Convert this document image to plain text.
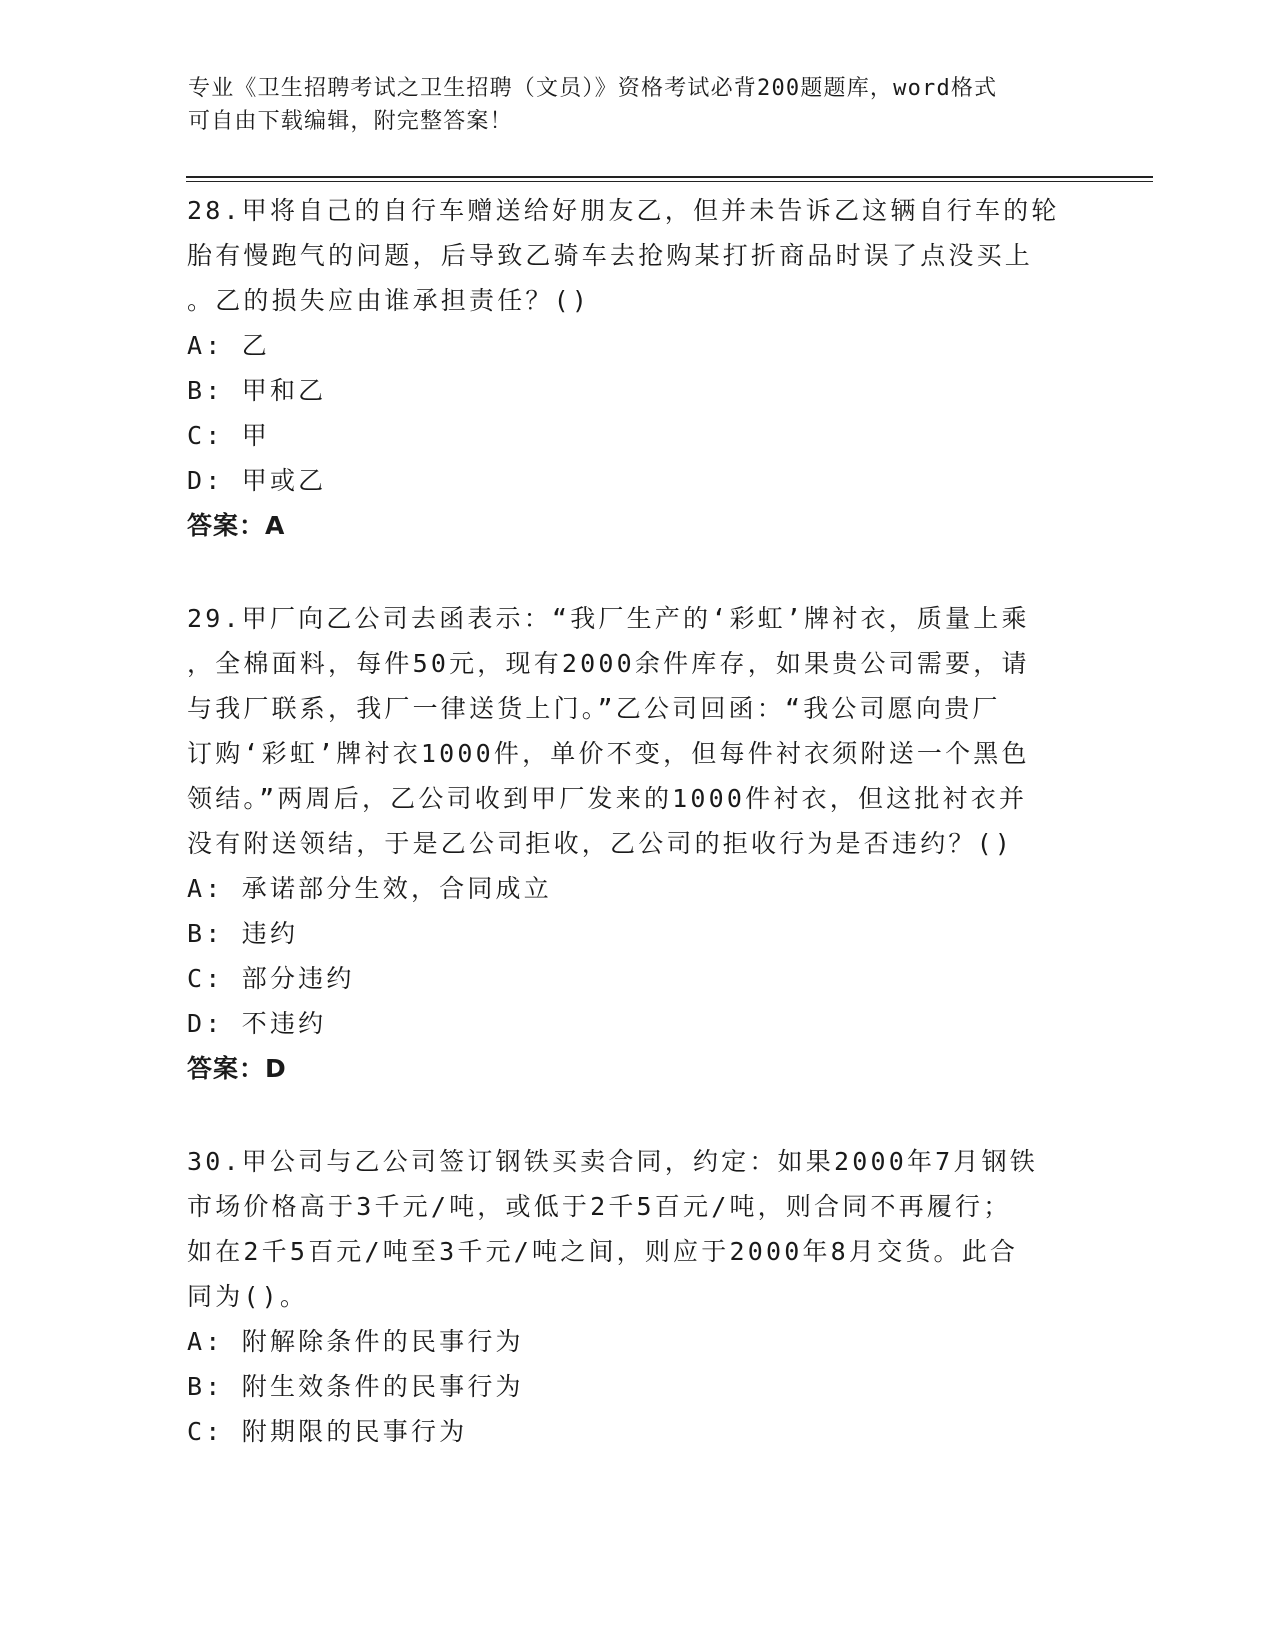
专业《卫生招聘考试之卫生招聘（文员）》资格考试必背200题题库，word格式
可自由下载编辑，附完整答案！

28.甲将自己的自行车赠送给好朋友乙，但并未告诉乙这辆自行车的轮

胎有慢跑气的问题，后导致乙骑车去抢购某打折商品时误了点没买上

。乙的损失应由谁承担责任？()

A: 乙

B: 甲和乙

C: 甲

D: 甲或乙

答案：A

29.甲厂向乙公司去函表示：“我厂生产的‘彩虹’牌衬衣，质量上乘

，全棉面料，每件50元，现有2000余件库存，如果贵公司需要，请

与我厂联系，我厂一律送货上门。”乙公司回函：“我公司愿向贵厂

订购‘彩虹’牌衬衣1000件，单价不变，但每件衬衣须附送一个黑色

领结。”两周后，乙公司收到甲厂发来的1000件衬衣，但这批衬衣并

没有附送领结，于是乙公司拒收，乙公司的拒收行为是否违约？()

A: 承诺部分生效，合同成立

B: 违约

C: 部分违约

D: 不违约

答案：D

30.甲公司与乙公司签订钢铁买卖合同，约定：如果2000年7月钢铁

市场价格高于3千元/吨，或低于2千5百元/吨，则合同不再履行；

如在2千5百元/吨至3千元/吨之间，则应于2000年8月交货。此合

同为()。

A: 附解除条件的民事行为

B: 附生效条件的民事行为

C: 附期限的民事行为
